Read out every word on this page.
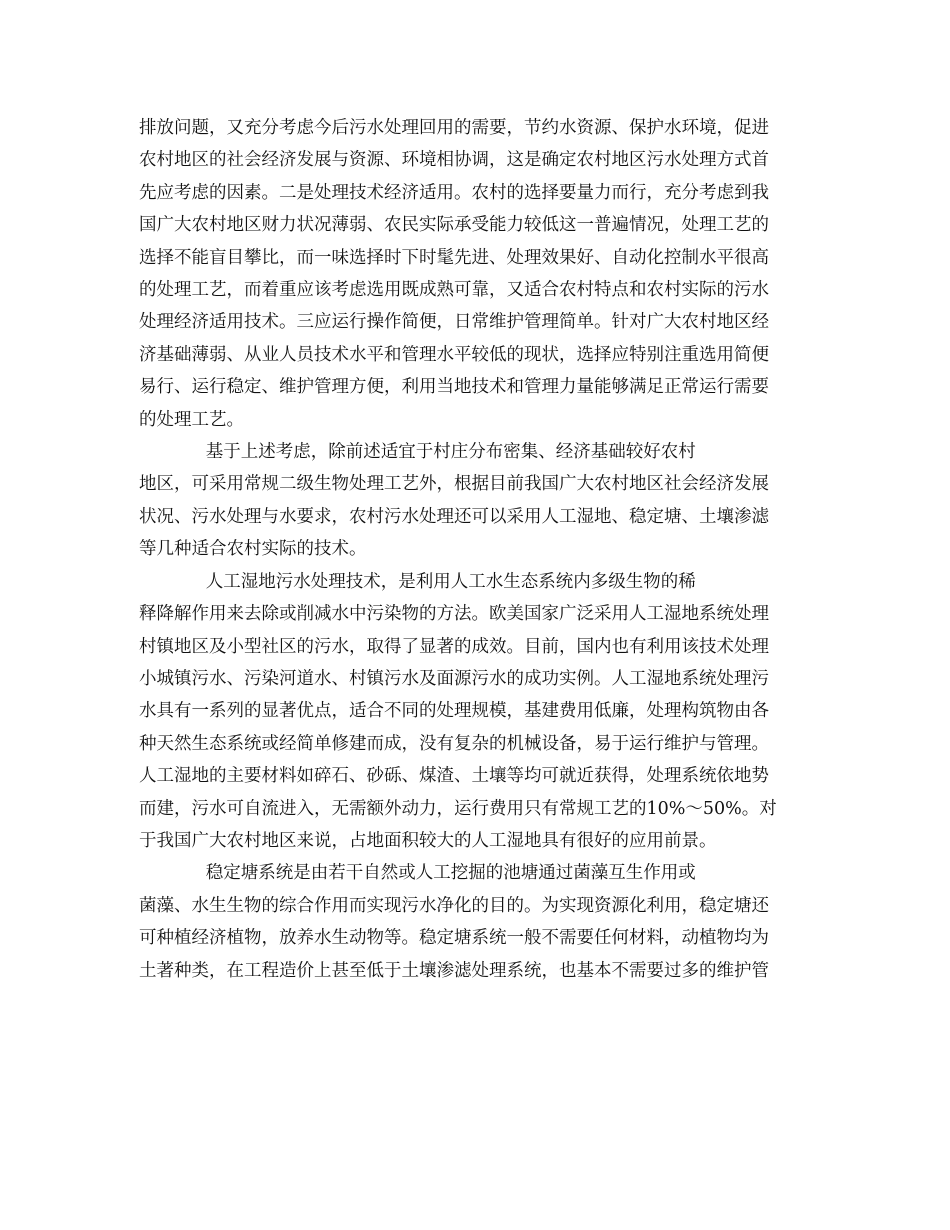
排放问题，又充分考虑今后污水处理回用的需要，节约水资源、保护水环境，促进
农村地区的社会经济发展与资源、环境相协调，这是确定农村地区污水处理方式首
先应考虑的因素。二是处理技术经济适用。农村的选择要量力而行，充分考虑到我
国广大农村地区财力状况薄弱、农民实际承受能力较低这一普遍情况，处理工艺的
选择不能盲目攀比，而一味选择时下时髦先进、处理效果好、自动化控制水平很高
的处理工艺，而着重应该考虑选用既成熟可靠，又适合农村特点和农村实际的污水
处理经济适用技术。三应运行操作简便，日常维护管理简单。针对广大农村地区经
济基础薄弱、从业人员技术水平和管理水平较低的现状，选择应特别注重选用简便
易行、运行稳定、维护管理方便，利用当地技术和管理力量能够满足正常运行需要
的处理工艺。

基于上述考虑，除前述适宜于村庄分布密集、经济基础较好农村
地区，可采用常规二级生物处理工艺外，根据目前我国广大农村地区社会经济发展
状况、污水处理与水要求，农村污水处理还可以采用人工湿地、稳定塘、土壤渗滤
等几种适合农村实际的技术。

人工湿地污水处理技术，是利用人工水生态系统内多级生物的稀
释降解作用来去除或削减水中污染物的方法。欧美国家广泛采用人工湿地系统处理
村镇地区及小型社区的污水，取得了显著的成效。目前，国内也有利用该技术处理
小城镇污水、污染河道水、村镇污水及面源污水的成功实例。人工湿地系统处理污
水具有一系列的显著优点，适合不同的处理规模，基建费用低廉，处理构筑物由各
种天然生态系统或经简单修建而成，没有复杂的机械设备，易于运行维护与管理。
人工湿地的主要材料如碎石、砂砾、煤渣、土壤等均可就近获得，处理系统依地势
而建，污水可自流进入，无需额外动力，运行费用只有常规工艺的10%～50%。对
于我国广大农村地区来说，占地面积较大的人工湿地具有很好的应用前景。

稳定塘系统是由若干自然或人工挖掘的池塘通过菌藻互生作用或
菌藻、水生生物的综合作用而实现污水净化的目的。为实现资源化利用，稳定塘还
可种植经济植物，放养水生动物等。稳定塘系统一般不需要任何材料，动植物均为
土著种类，在工程造价上甚至低于土壤渗滤处理系统，也基本不需要过多的维护管
